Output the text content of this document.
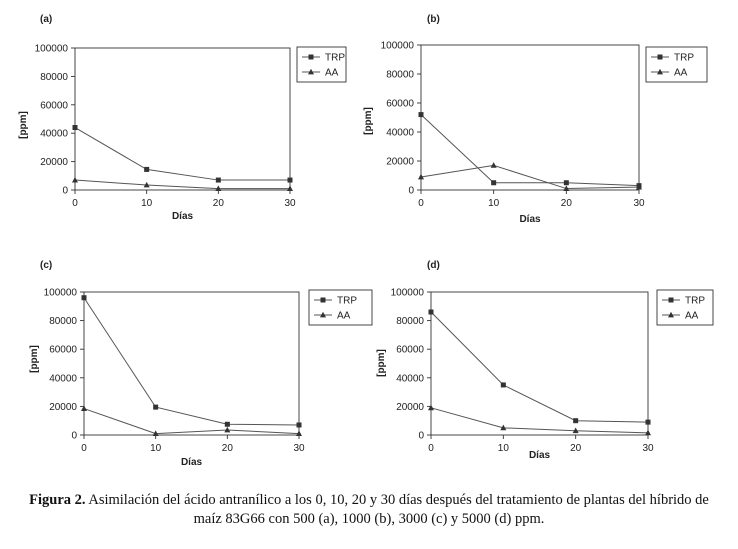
(a)
0
20000
40000
60000
80000
100000
0	10	20	30
Días
[ppm]
TRP
AA
(b)
0
20000
40000
60000
80000
100000
0	10	20	30
Días
[ppm]
TRP
AA
(c)
0
20000
40000
60000
80000
100000
0	10	20	30
Días
[ppm]
TRP
AA
(d)
0
20000
40000
60000
80000
100000
0	10	20	30
Días
[ppm]
TRP
AA
Figura 2. Asimilación del ácido antranílico a los 0, 10, 20 y 30 días después del tratamiento de plantas del híbrido de maíz 83G66 con 500 (a), 1000 (b), 3000 (c) y 5000 (d) ppm.
